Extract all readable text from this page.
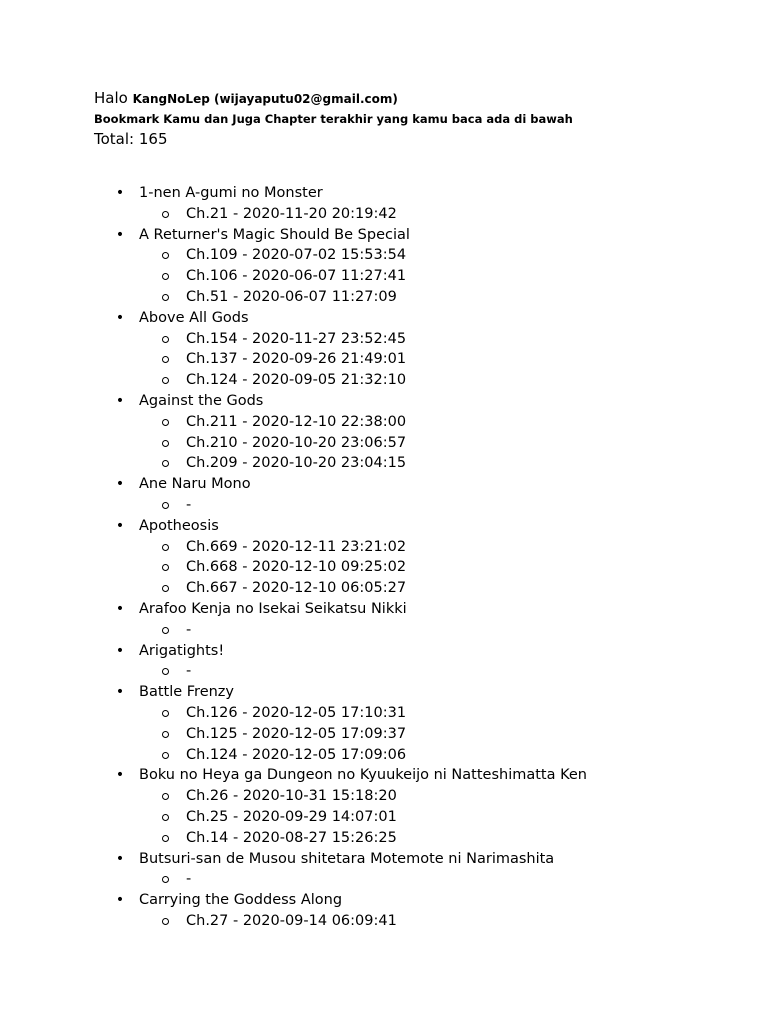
Halo KangNoLep (wijayaputu02@gmail.com)
Bookmark Kamu dan Juga Chapter terakhir yang kamu baca ada di bawah
Total: 165
• 1-nen A-gumi no Monster
Ch.21 - 2020-11-20 20:19:42
• A Returner's Magic Should Be Special
Ch.109 - 2020-07-02 15:53:54
Ch.106 - 2020-06-07 11:27:41
Ch.51 - 2020-06-07 11:27:09
• Above All Gods
Ch.154 - 2020-11-27 23:52:45
Ch.137 - 2020-09-26 21:49:01
Ch.124 - 2020-09-05 21:32:10
• Against the Gods
Ch.211 - 2020-12-10 22:38:00
Ch.210 - 2020-10-20 23:06:57
Ch.209 - 2020-10-20 23:04:15
• Ane Naru Mono
-
• Apotheosis
Ch.669 - 2020-12-11 23:21:02
Ch.668 - 2020-12-10 09:25:02
Ch.667 - 2020-12-10 06:05:27
• Arafoo Kenja no Isekai Seikatsu Nikki
-
• Arigatights!
-
• Battle Frenzy
Ch.126 - 2020-12-05 17:10:31
Ch.125 - 2020-12-05 17:09:37
Ch.124 - 2020-12-05 17:09:06
• Boku no Heya ga Dungeon no Kyuukeijo ni Natteshimatta Ken
Ch.26 - 2020-10-31 15:18:20
Ch.25 - 2020-09-29 14:07:01
Ch.14 - 2020-08-27 15:26:25
• Butsuri-san de Musou shitetara Motemote ni Narimashita
-
• Carrying the Goddess Along
Ch.27 - 2020-09-14 06:09:41
